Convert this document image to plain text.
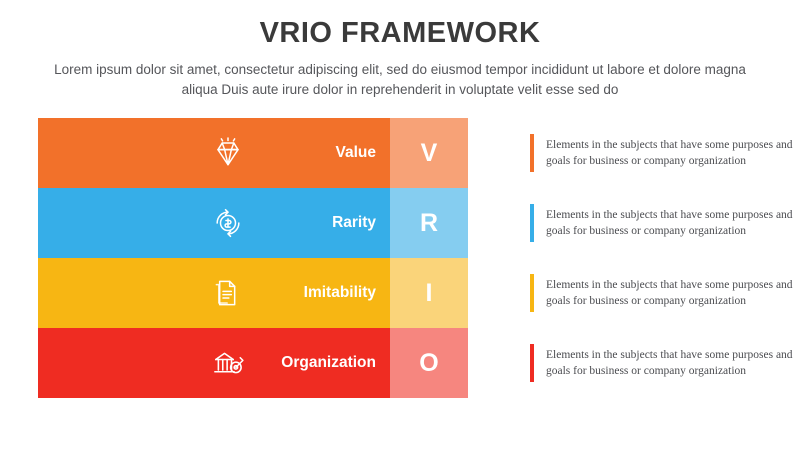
VRIO FRAMEWORK
Lorem ipsum dolor sit amet, consectetur adipiscing elit, sed do eiusmod tempor incididunt ut labore et dolore magna aliqua Duis aute irure dolor in reprehenderit in voluptate velit esse sed do
Value	V
Rarity	R
Imitability	I
Organization	O
Elements in the subjects that have some purposes and goals for business or company organization
Elements in the subjects that have some purposes and goals for business or company organization
Elements in the subjects that have some purposes and goals for business or company organization
Elements in the subjects that have some purposes and goals for business or company organization
